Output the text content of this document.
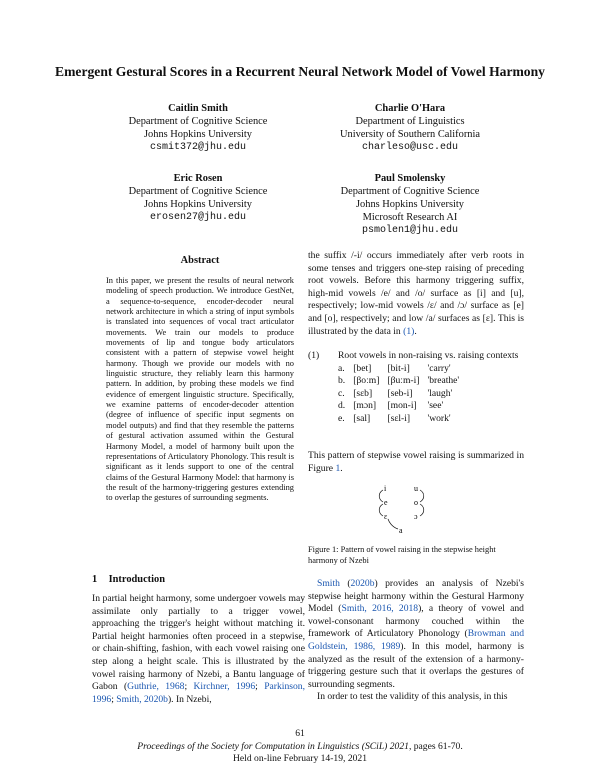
Emergent Gestural Scores in a Recurrent Neural Network Model of Vowel Harmony
Caitlin Smith
Department of Cognitive Science
Johns Hopkins University
csmit372@jhu.edu
Charlie O'Hara
Department of Linguistics
University of Southern California
charleso@usc.edu
Eric Rosen
Department of Cognitive Science
Johns Hopkins University
erosen27@jhu.edu
Paul Smolensky
Department of Cognitive Science
Johns Hopkins University
Microsoft Research AI
psmolen1@jhu.edu
Abstract
In this paper, we present the results of neural network modeling of speech production. We introduce GestNet, a sequence-to-sequence, encoder-decoder neural network architecture in which a string of input symbols is translated into sequences of vocal tract articulator movements. We train our models to produce movements of lip and tongue body articulators consistent with a pattern of stepwise vowel height harmony. Though we provide our models with no linguistic structure, they reliably learn this harmony pattern. In addition, by probing these models we find evidence of emergent linguistic structure. Specifically, we examine patterns of encoder-decoder attention (degree of influence of specific input segments on model outputs) and find that they resemble the patterns of gestural activation assumed within the Gestural Harmony Model, a model of harmony built upon the representations of Articulatory Phonology. This result is significant as it lends support to one of the central claims of the Gestural Harmony Model: that harmony is the result of the harmony-triggering gestures extending to overlap the gestures of surrounding segments.
1 Introduction

In partial height harmony, some undergoer vowels may assimilate only partially to a trigger vowel, approaching the trigger's height without matching it. Partial height harmonies often proceed in a stepwise, or chain-shifting, fashion, with each vowel raising one step along a height scale. This is illustrated by the vowel raising harmony of Nzebi, a Bantu language of Gabon (Guthrie, 1968; Kirchner, 1996; Parkinson, 1996; Smith, 2020b). In Nzebi,

the suffix /-i/ occurs immediately after verb roots in some tenses and triggers one-step raising of preceding root vowels. Before this harmony triggering suffix, high-mid vowels /e/ and /o/ surface as [i] and [u], respectively; low-mid vowels /ɛ/ and /ɔ/ surface as [e] and [o], respectively; and low /a/ surfaces as [ɛ]. This is illustrated by the data in (1).

(1)	Root vowels in non-raising vs. raising contexts
a.	[bet]	[bit-i]	'carry'
b.	[βoːm]	[βuːm-i]	'breathe'
c.	[sɛb]	[seb-i]	'laugh'
d.	[mɔn]	[mon-i]	'see'
e.	[sal]	[sɛl-i]	'work'

This pattern of stepwise vowel raising is summarized in Figure 1.

i	u
e	o
ɛ	ɔ
a
Figure 1: Pattern of vowel raising in the stepwise height harmony of Nzebi

Smith (2020b) provides an analysis of Nzebi's stepwise height harmony within the Gestural Harmony Model (Smith, 2016, 2018), a theory of vowel and vowel-consonant harmony couched within the framework of Articulatory Phonology (Browman and Goldstein, 1986, 1989). In this model, harmony is analyzed as the result of the extension of a harmony-triggering gesture such that it overlaps the gestures of surrounding segments.

In order to test the validity of this analysis, in this

61
Proceedings of the Society for Computation in Linguistics (SCiL) 2021, pages 61-70.
Held on-line February 14-19, 2021
